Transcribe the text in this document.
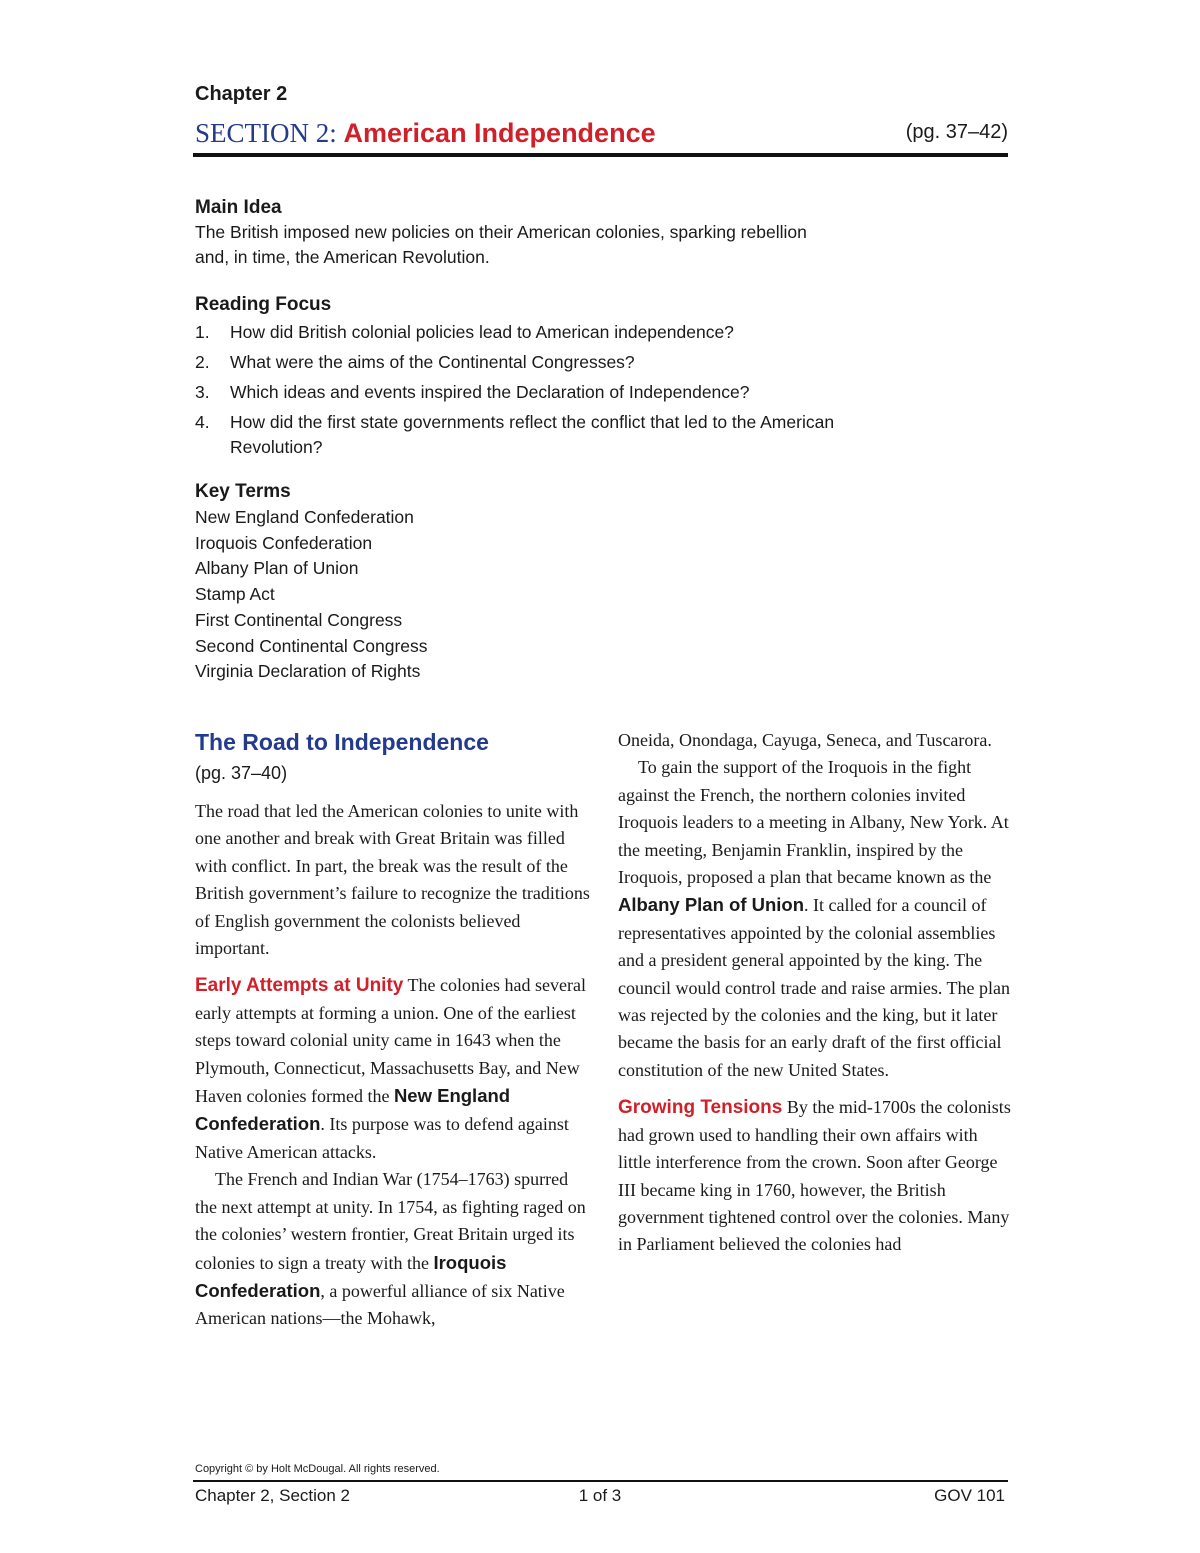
Chapter 2
SECTION 2: American Independence	(pg. 37–42)
Main Idea
The British imposed new policies on their American colonies, sparking rebellion and, in time, the American Revolution.
Reading Focus
1. How did British colonial policies lead to American independence?
2. What were the aims of the Continental Congresses?
3. Which ideas and events inspired the Declaration of Independence?
4. How did the first state governments reflect the conflict that led to the American Revolution?
Key Terms
New England Confederation
Iroquois Confederation
Albany Plan of Union
Stamp Act
First Continental Congress
Second Continental Congress
Virginia Declaration of Rights
The Road to Independence
(pg. 37–40)

The road that led the American colonies to unite with one another and break with Great Britain was filled with conflict. In part, the break was the result of the British government’s failure to recognize the traditions of English government the colonists believed important.

Early Attempts at Unity The colonies had several early attempts at forming a union. One of the earliest steps toward colonial unity came in 1643 when the Plymouth, Connecticut, Massachusetts Bay, and New Haven colonies formed the New England Confederation. Its purpose was to defend against Native American attacks.

The French and Indian War (1754–1763) spurred the next attempt at unity. In 1754, as fighting raged on the colonies’ western frontier, Great Britain urged its colonies to sign a treaty with the Iroquois Confederation, a powerful alliance of six Native American nations—the Mohawk,

Oneida, Onondaga, Cayuga, Seneca, and Tuscarora.

To gain the support of the Iroquois in the fight against the French, the northern colonies invited Iroquois leaders to a meeting in Albany, New York. At the meeting, Benjamin Franklin, inspired by the Iroquois, proposed a plan that became known as the Albany Plan of Union. It called for a council of representatives appointed by the colonial assemblies and a president general appointed by the king. The council would control trade and raise armies. The plan was rejected by the colonies and the king, but it later became the basis for an early draft of the first official constitution of the new United States.

Growing Tensions By the mid-1700s the colonists had grown used to handling their own affairs with little interference from the crown. Soon after George III became king in 1760, however, the British government tightened control over the colonies. Many in Parliament believed the colonies had

Copyright © by Holt McDougal. All rights reserved.
Chapter 2, Section 2	1 of 3	GOV 101
